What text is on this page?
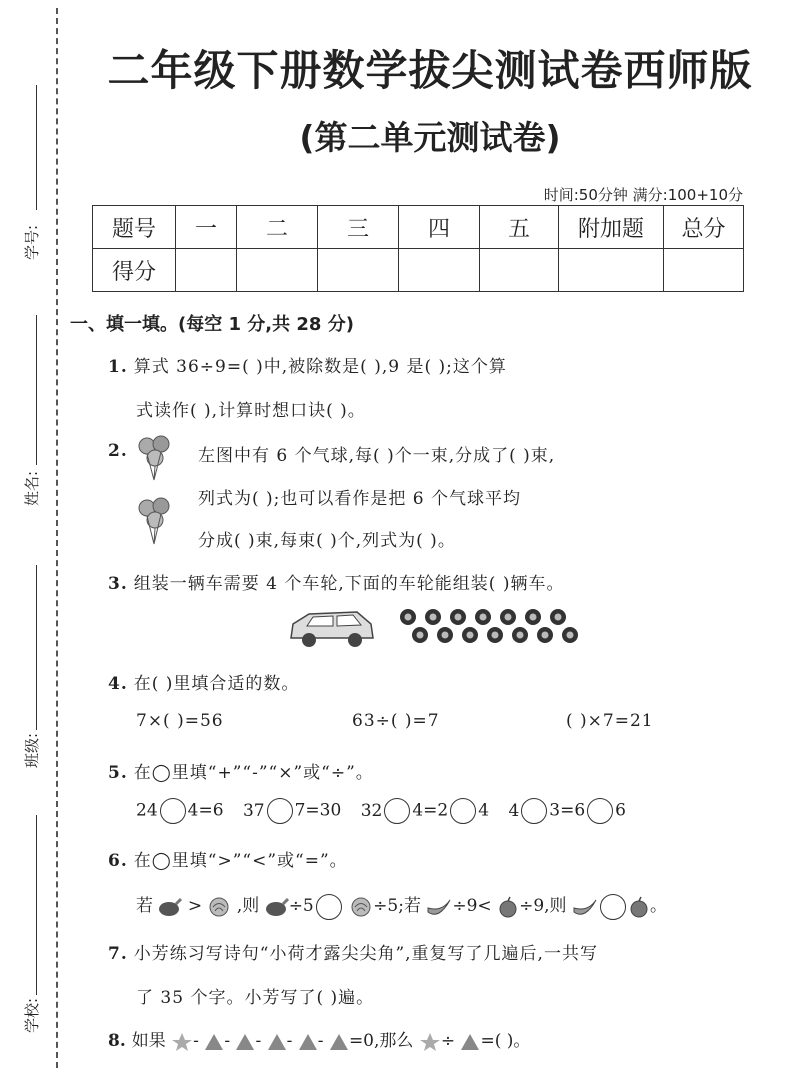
学号:
姓名:
班级:
学校:
二年级下册数学拔尖测试卷西师版
(第二单元测试卷)
时间:50分钟 满分:100+10分
题号	一	二	三	四	五	附加题	总分
得分							
一、填一填。(每空 1 分,共 28 分)
1. 算式 36÷9=( )中,被除数是( ),9 是( );这个算
式读作( ),计算时想口诀( )。
2.	左图中有 6 个气球,每( )个一束,分成了( )束,
列式为( );也可以看作是把 6 个气球平均
分成( )束,每束( )个,列式为( )。
3. 组装一辆车需要 4 个车轮,下面的车轮能组装( )辆车。
4. 在( )里填合适的数。
7×( )=56	63÷( )=7	( )×7=21
5. 在◯里填“+”“-”“×”或“÷”。
24 4=6 37 7=30 32 4=2 4 4 3=6 6
6. 在◯里填“>”“<”或“=”。
若 > ,则 ÷5	÷5;若 ÷9< ÷9,则	。
7. 小芳练习写诗句“小荷才露尖尖角”,重复写了几遍后,一共写
了 35 个字。小芳写了( )遍。
8. 如果 - - - - - =0,那么 ÷ =( )。
